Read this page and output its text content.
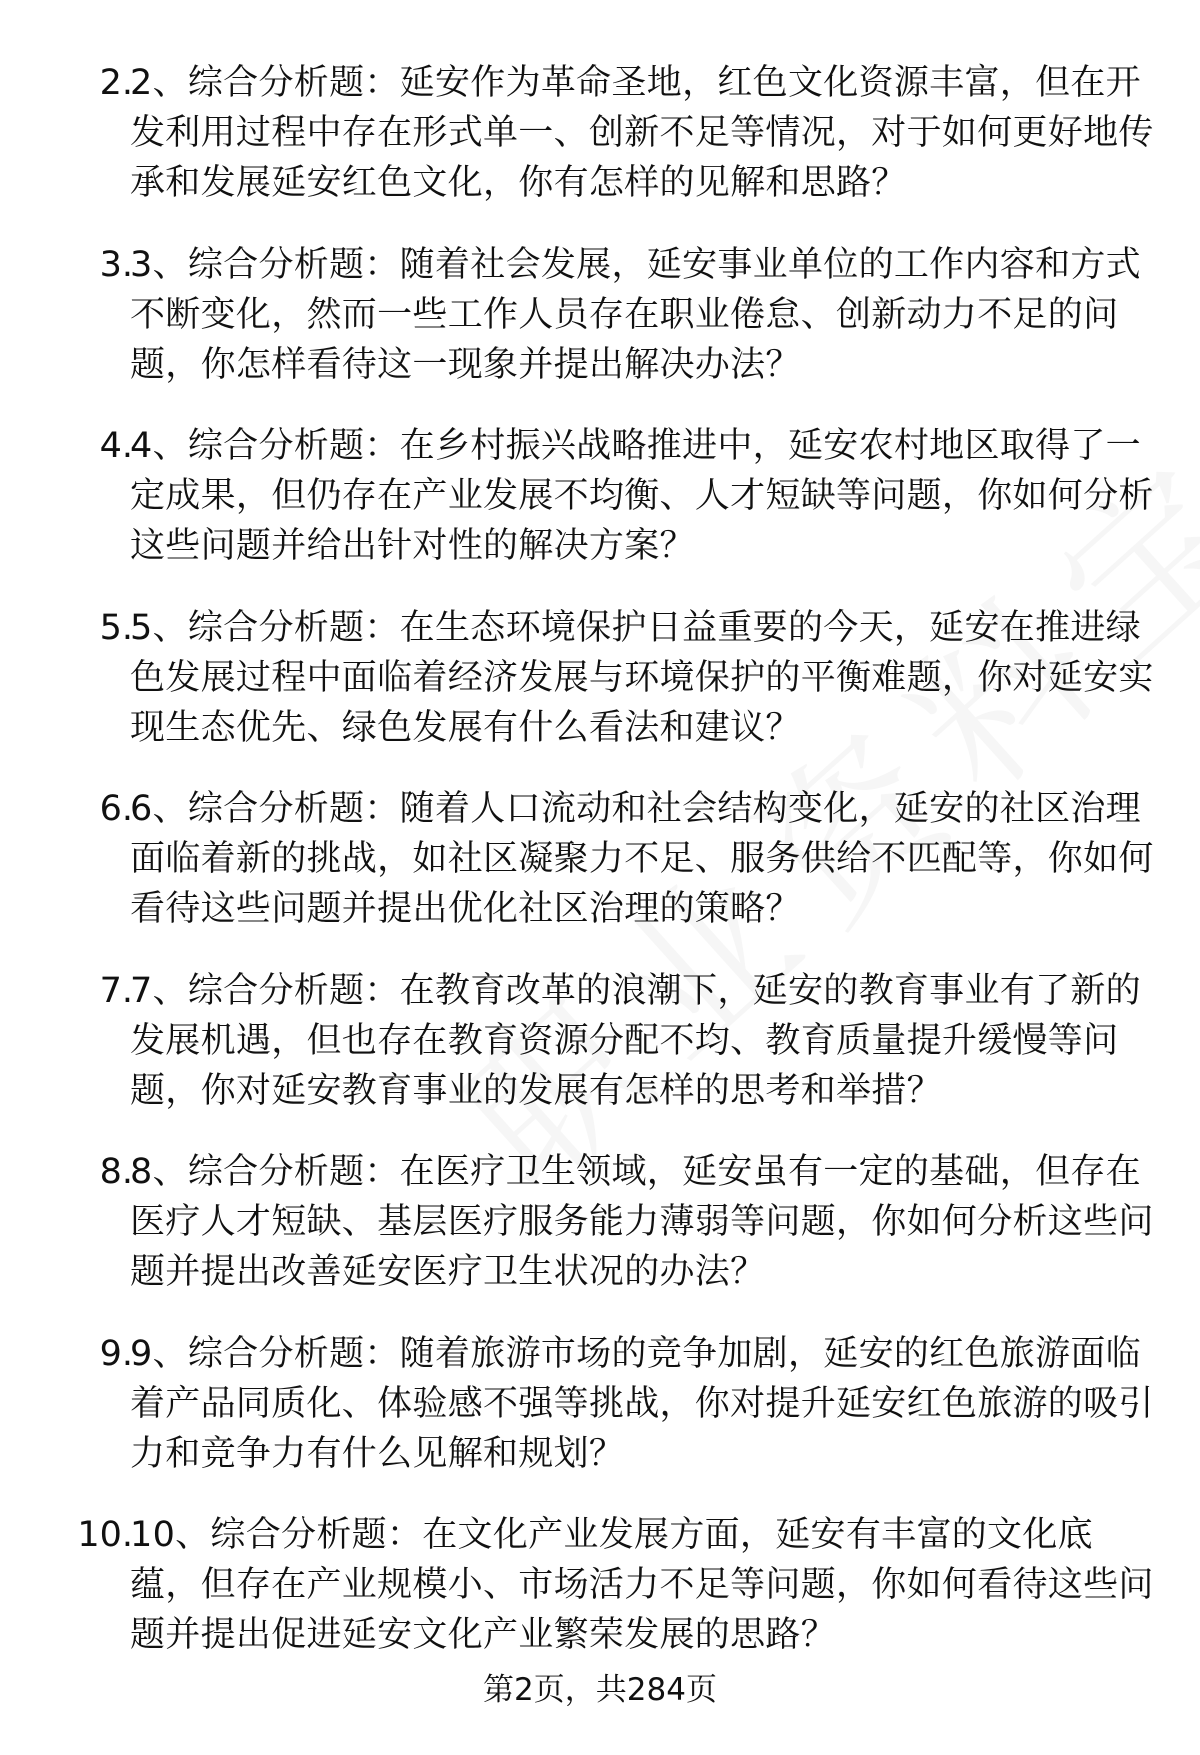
2.

2、综合分析题：延安作为革命圣地，红色文化资源丰富，但在开发利用过程中存在形式单一、创新不足等情况，对于如何更好地传承和发展延安红色文化，你有怎样的见解和思路？

3.

3、综合分析题：随着社会发展，延安事业单位的工作内容和方式不断变化，然而一些工作人员存在职业倦怠、创新动力不足的问题，你怎样看待这一现象并提出解决办法？

4.

4、综合分析题：在乡村振兴战略推进中，延安农村地区取得了一定成果，但仍存在产业发展不均衡、人才短缺等问题，你如何分析这些问题并给出针对性的解决方案？

5.

5、综合分析题：在生态环境保护日益重要的今天，延安在推进绿色发展过程中面临着经济发展与环境保护的平衡难题，你对延安实现生态优先、绿色发展有什么看法和建议？

6.

6、综合分析题：随着人口流动和社会结构变化，延安的社区治理面临着新的挑战，如社区凝聚力不足、服务供给不匹配等，你如何看待这些问题并提出优化社区治理的策略？

7.

7、综合分析题：在教育改革的浪潮下，延安的教育事业有了新的发展机遇，但也存在教育资源分配不均、教育质量提升缓慢等问题，你对延安教育事业的发展有怎样的思考和举措？

8.

8、综合分析题：在医疗卫生领域，延安虽有一定的基础，但存在医疗人才短缺、基层医疗服务能力薄弱等问题，你如何分析这些问题并提出改善延安医疗卫生状况的办法？

9.

9、综合分析题：随着旅游市场的竞争加剧，延安的红色旅游面临着产品同质化、体验感不强等挑战，你对提升延安红色旅游的吸引力和竞争力有什么见解和规划？

10.

10、综合分析题：在文化产业发展方面，延安有丰富的文化底蕴，但存在产业规模小、市场活力不足等问题，你如何看待这些问题并提出促进延安文化产业繁荣发展的思路？

第2页，共284页
